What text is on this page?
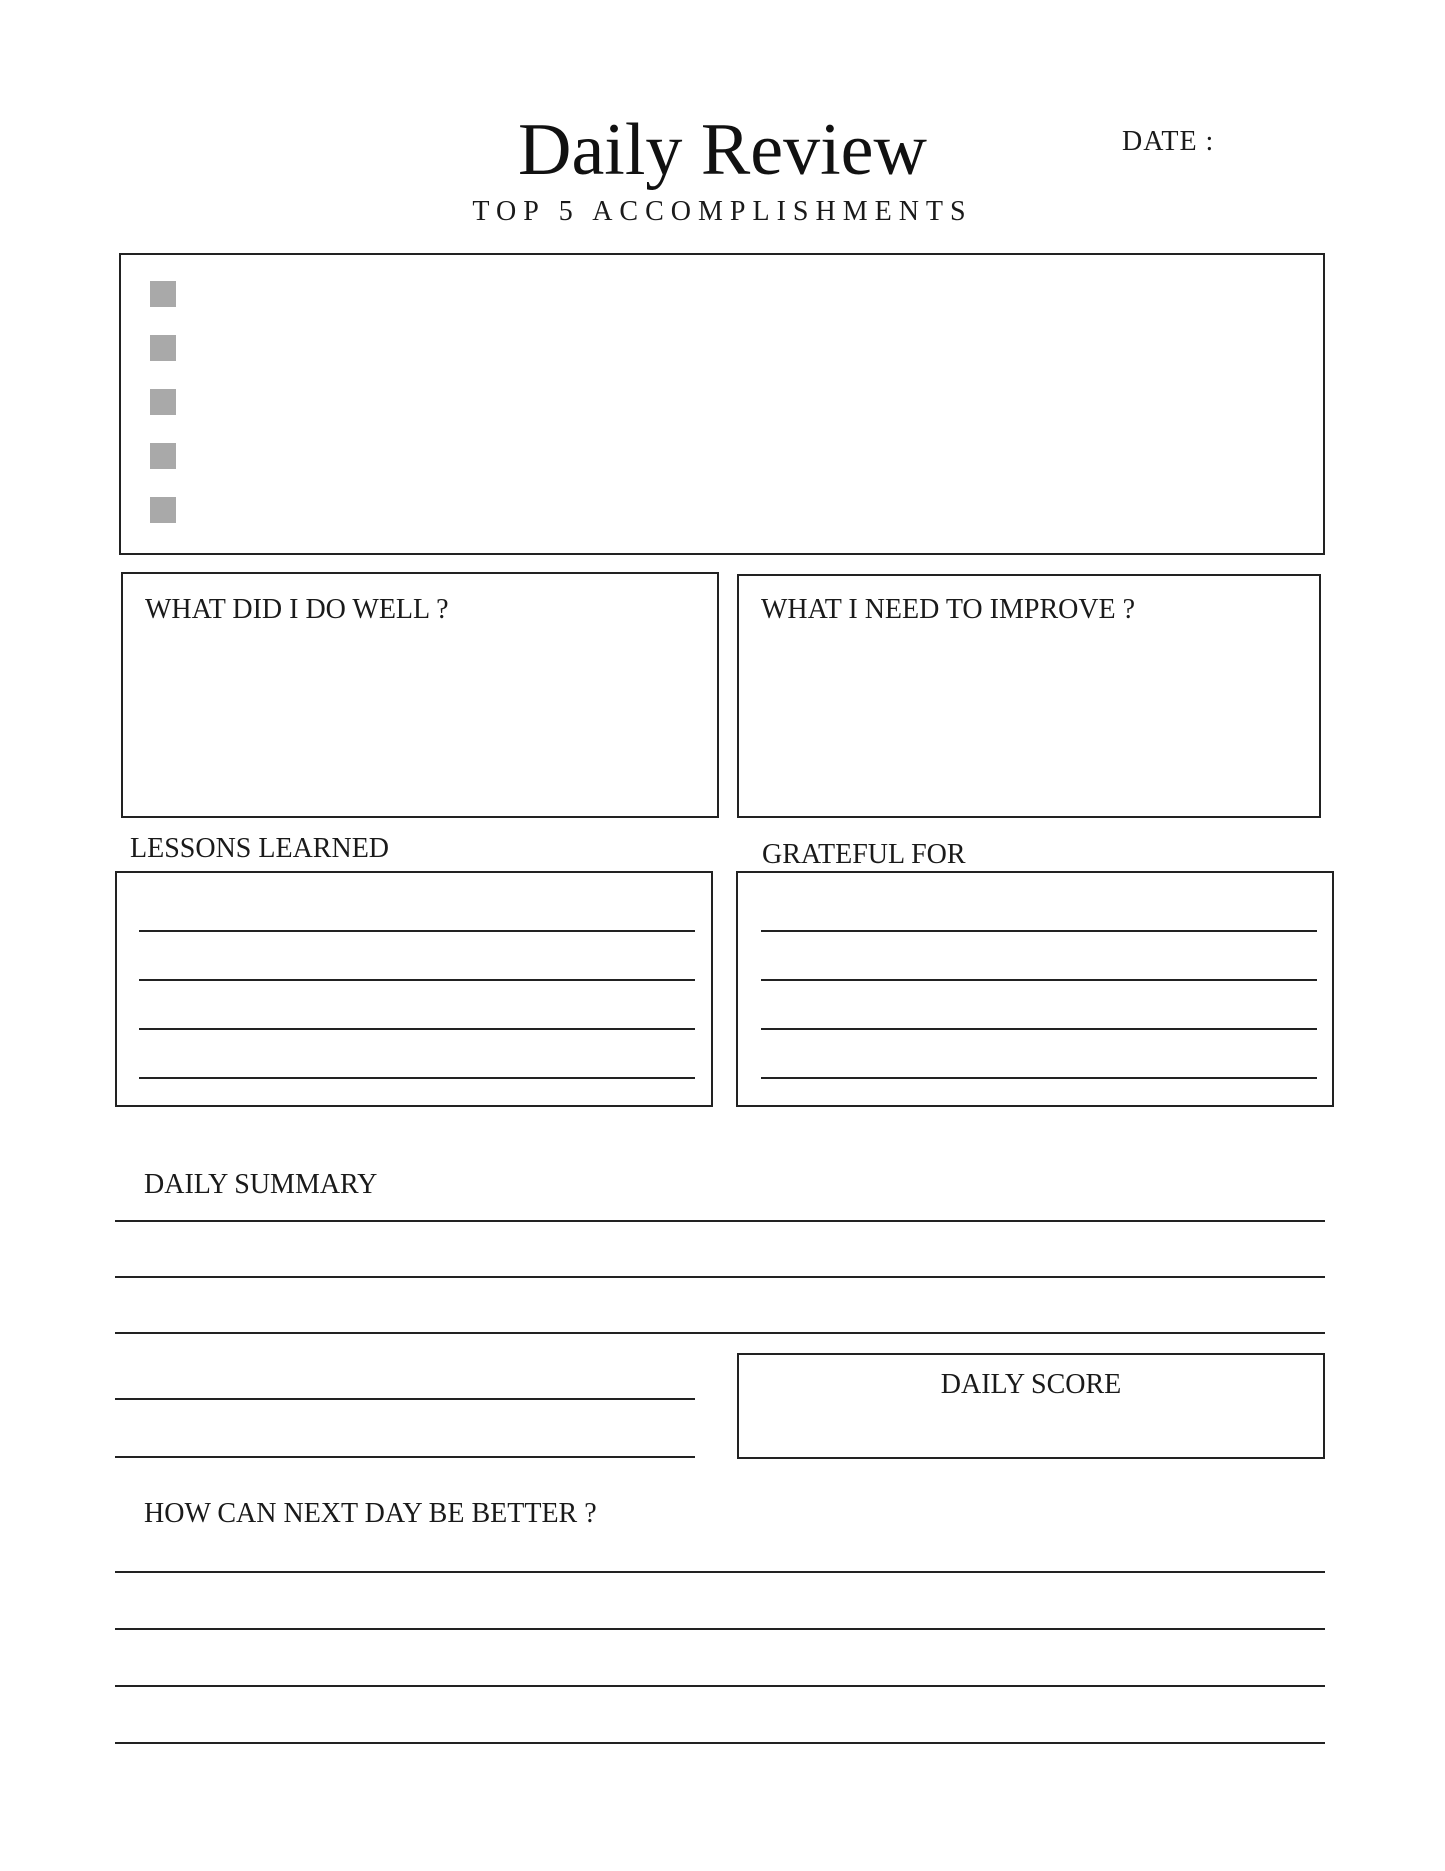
Daily Review	DATE :
TOP 5 ACCOMPLISHMENTS
WHAT DID I DO WELL ?	WHAT I NEED TO IMPROVE ?
LESSONS LEARNED	GRATEFUL FOR
DAILY SUMMARY
DAILY SCORE
HOW CAN NEXT DAY BE BETTER ?
